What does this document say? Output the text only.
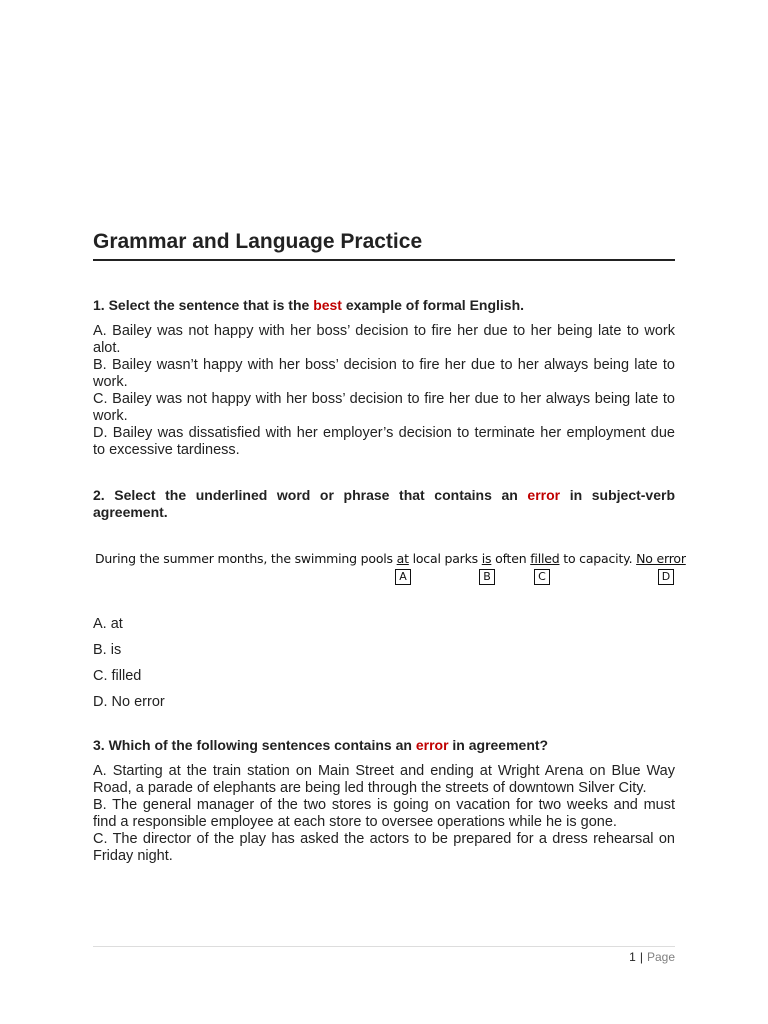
Grammar and Language Practice

1. Select the sentence that is the best example of formal English.

A. Bailey was not happy with her boss’ decision to fire her due to her being late to work alot.

B. Bailey wasn’t happy with her boss’ decision to fire her due to her always being late to work.

C. Bailey was not happy with her boss’ decision to fire her due to her always being late to work.

D. Bailey was dissatisfied with her employer’s decision to terminate her employment due to excessive tardiness.

2. Select the underlined word or phrase that contains an error in subject-verb agreement.

During the summer months, the swimming pools at local parks is often filled to capacity. No error
A	B	C	D

A. at

B. is

C. filled

D. No error

3. Which of the following sentences contains an error in agreement?

A. Starting at the train station on Main Street and ending at Wright Arena on Blue Way Road, a parade of elephants are being led through the streets of downtown Silver City.

B. The general manager of the two stores is going on vacation for two weeks and must find a responsible employee at each store to oversee operations while he is gone.

C. The director of the play has asked the actors to be prepared for a dress rehearsal on Friday night.

1 | Page
